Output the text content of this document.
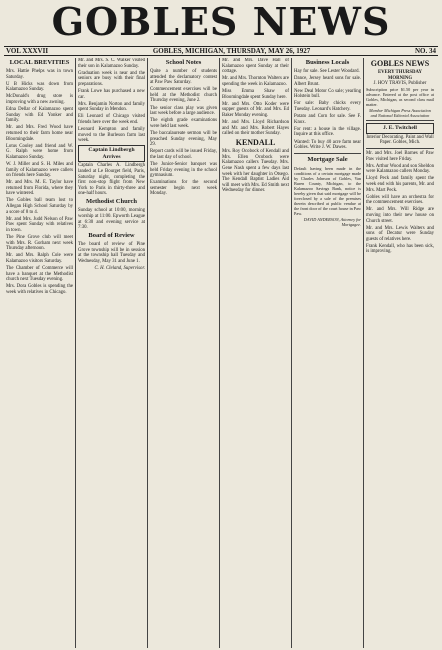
GOBLES NEWS
VOL XXXVII	GOBLES, MICHIGAN, THURSDAY, MAY 26, 1927	NO. 34
LOCAL BREVITIES
Mrs. Hattie Phelps was in town Saturday.
U B Hicks was down from Kalamazoo Sunday.
McDonald's drug store is improving with a new awning.
Edna Dellar of Kalamazoo spent Sunday with Ed Yonker and family.
Mr. and Mrs. Fred Wood have returned to their farm home near Bloomingdale.
Lotus Cooley and friend and W. G. Ralph were home from Kalamazoo Sunday.
W. J. Miller and S. H. Miles and family of Kalamazoo were callers on friends here Sunday.
Mr. and Mrs. M. E. Taylor have returned from Florida, where they have wintered.
The Gobles ball team lost to Allegan High School Saturday by a score of 8 to 4.
Mr. and Mrs. Judd Nelson of Paw Paw spent Sunday with relatives in town.
The Pine Grove club will meet with Mrs. R. Gorham next week Thursday afternoon.
Mr. and Mrs. Ralph Cole were Kalamazoo visitors Saturday.
The Chamber of Commerce will have a banquet at the Methodist church next Tuesday evening.
Mrs. Dora Gobles is spending the week with relatives in Chicago.
Mr. and Mrs. S. C. Walker visited their son in Kalamazoo Sunday.
Graduation week is near and the seniors are busy with their final preparations.
Frank Lowe has purchased a new car.
Mrs. Benjamin Norton and family spent Sunday in Mendon.
Eli Leonard of Chicago visited friends here over the week end.
Leonard Kempton and family moved to the Burleson farm last week.
Captain Lindbergh Arrives
Captain Charles A. Lindbergh landed at Le Bourget field, Paris, Saturday night, completing the first non-stop flight from New York to Paris in thirty-three and one-half hours.
Methodist Church
Sunday school at 10:00, morning worship at 11:00. Epworth League at 6:30 and evening service at 7:30.
Board of Review
The board of review of Pine Grove township will be in session at the township hall Tuesday and Wednesday, May 31 and June 1.
C. H. Cleland, Supervisor.
School Notes
Quite a number of students attended the declamatory contest at Paw Paw Saturday.
Commencement exercises will be held at the Methodist church Thursday evening, June 2.
The senior class play was given last week before a large audience.
The eighth grade examinations were held last week.
The baccalaureate sermon will be preached Sunday evening, May 29.
Report cards will be issued Friday, the last day of school.
The Junior-Senior banquet was held Friday evening in the school gymnasium.
Examinations for the second semester begin next week Monday.
Mr. and Mrs. Dave Hall of Kalamazoo spent Sunday at their cottage.
Mr. and Mrs. Thornton Walters are spending the week in Kalamazoo.
Miss Emma Shaw of Bloomingdale spent Sunday here.
Mr. and Mrs. Otto Koder were supper guests of Mr. and Mrs. Ed Baker Monday evening.
Mr. and Mrs. Lloyd Richardson and Mr. and Mrs. Robert Hayes called on their mother Sunday.
KENDALL
Mrs. Roy Ocobock of Kendall and Mrs. Ellen Ocobock were Kalamazoo callers Tuesday. Mrs. Gene Nash spent a few days last week with her daughter in Otsego. The Kendall Baptist Ladies Aid will meet with Mrs. Ed Smith next Wednesday for dinner.
Business Locals
Hay for sale. See Lester Woodard.
Dance, Jersey heard sons for sale. Albert Brunt.
New Deal Motor Co sale; yearling Holstein bull.
For sale: Baby chicks every Tuesday. Leonard's Hatchery.
Potato and Corn for sale. See F. Knox.
For rent: a house in the village. Inquire at this office.
Wanted: To buy 40 acre farm near Gobles. Write J. W. Dawes.
Mortgage Sale
Default having been made in the conditions of a certain mortgage made by Charles Johnson of Gobles, Van Buren County, Michigan, to the Kalamazoo Savings Bank, notice is hereby given that said mortgage will be foreclosed by a sale of the premises therein described at public vendue at the front door of the court house in Paw Paw.
DAVID ANDERSON, Attorney for Mortgagee.
GOBLES NEWS
EVERY THURSDAY MORNING
J. HOY TRAVIS, Publisher
Subscription price $1.50 per year in advance. Entered at the post office at Gobles, Michigan, as second class mail matter.
Member Michigan Press Association and National Editorial Association
J. E. Twitchell
Interior Decorating. Paint and Wall Paper. Gobles, Mich.
Mr. and Mrs. Joel Barnes of Paw Paw visited here Friday.
Mrs. Arthur Wood and son Sheldon were Kalamazoo callers Monday.
Lloyd Peck and family spent the week end with his parents, Mr. and Mrs. Mart Peck.
Gobles will have an orchestra for the commencement exercises.
Mr. and Mrs. Will Ridge are moving into their new house on Church street.
Mr. and Mrs. Lewis Walters and sons of Decatur were Sunday guests of relatives here.
Frank Kendall, who has been sick, is improving.
